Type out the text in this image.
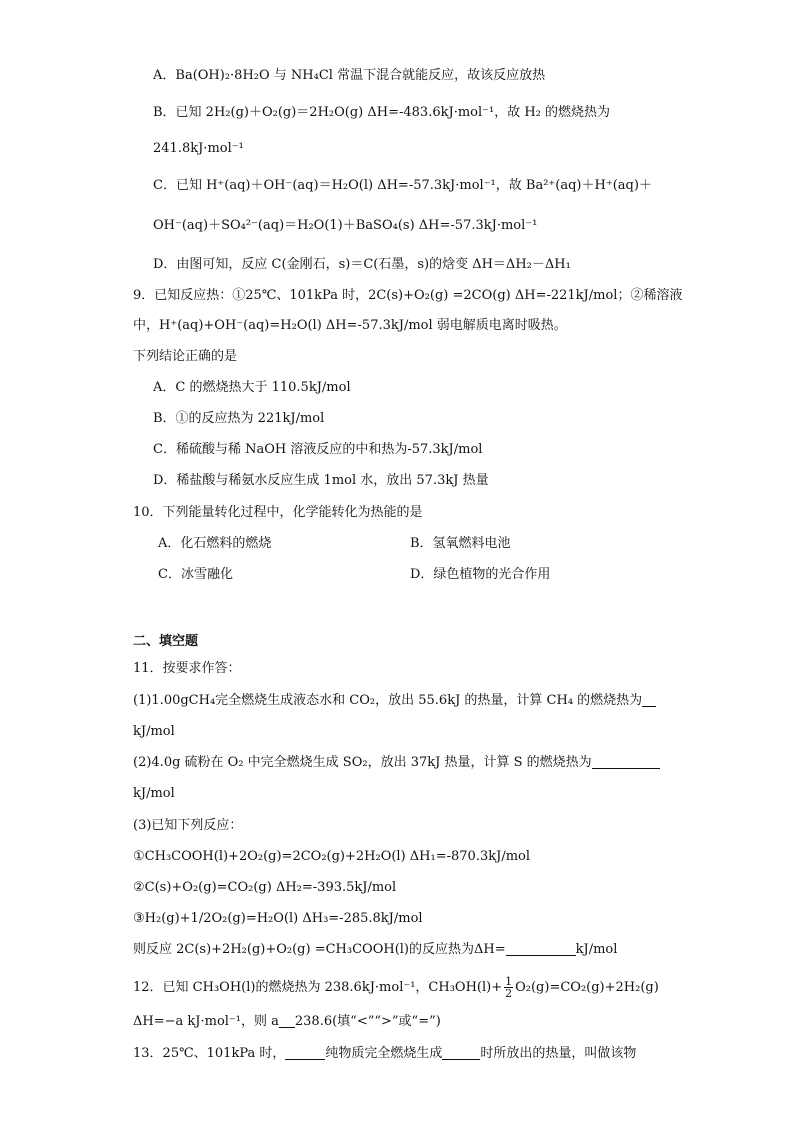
A．Ba(OH)₂·8H₂O 与 NH₄Cl 常温下混合就能反应，故该反应放热
B．已知 2H₂(g)＋O₂(g)＝2H₂O(g) ΔH=-483.6kJ·mol⁻¹，故 H₂ 的燃烧热为
241.8kJ·mol⁻¹
C．已知 H⁺(aq)＋OH⁻(aq)＝H₂O(l) ΔH=-57.3kJ·mol⁻¹，故 Ba²⁺(aq)＋H⁺(aq)＋
OH⁻(aq)＋SO₄²⁻(aq)＝H₂O(1)＋BaSO₄(s) ΔH=-57.3kJ·mol⁻¹
D．由图可知，反应 C(金刚石，s)＝C(石墨，s)的焓变 ΔH＝ΔH₂－ΔH₁
9．已知反应热：①25℃、101kPa 时，2C(s)+O₂(g) =2CO(g) ΔH=-221kJ/mol；②稀溶液
中，H⁺(aq)+OH⁻(aq)=H₂O(l) ΔH=-57.3kJ/mol 弱电解质电离时吸热。
下列结论正确的是
A．C 的燃烧热大于 110.5kJ/mol
B．①的反应热为 221kJ/mol
C．稀硫酸与稀 NaOH 溶液反应的中和热为-57.3kJ/mol
D．稀盐酸与稀氨水反应生成 1mol 水，放出 57.3kJ 热量
10．下列能量转化过程中，化学能转化为热能的是
A．化石燃料的燃烧	B．氢氧燃料电池
C．冰雪融化	D．绿色植物的光合作用
二、填空题
11．按要求作答：
(1)1.00gCH₄完全燃烧生成液态水和 CO₂，放出 55.6kJ 的热量，计算 CH₄ 的燃烧热为
kJ/mol
(2)4.0g 硫粉在 O₂ 中完全燃烧生成 SO₂，放出 37kJ 热量，计算 S 的燃烧热为
kJ/mol
(3)已知下列反应：
①CH₃COOH(l)+2O₂(g)=2CO₂(g)+2H₂O(l) ΔH₁=-870.3kJ/mol
②C(s)+O₂(g)=CO₂(g) ΔH₂=-393.5kJ/mol
③H₂(g)+1/2O₂(g)=H₂O(l) ΔH₃=-285.8kJ/mol
则反应 2C(s)+2H₂(g)+O₂(g) =CH₃COOH(l)的反应热为ΔH=	kJ/mol
12．已知 CH₃OH(l)的燃烧热为 238.6kJ·mol⁻¹，$CH_3OH(l)+ \frac{1}{2} O_2(g)=CO_2(g)+2H_2(g)$
ΔH=−a kJ·mol⁻¹，则 a 238.6(填“<”“>”或“=”)
13．25℃、101kPa 时，	纯物质完全燃烧生成	时所放出的热量，叫做该物
